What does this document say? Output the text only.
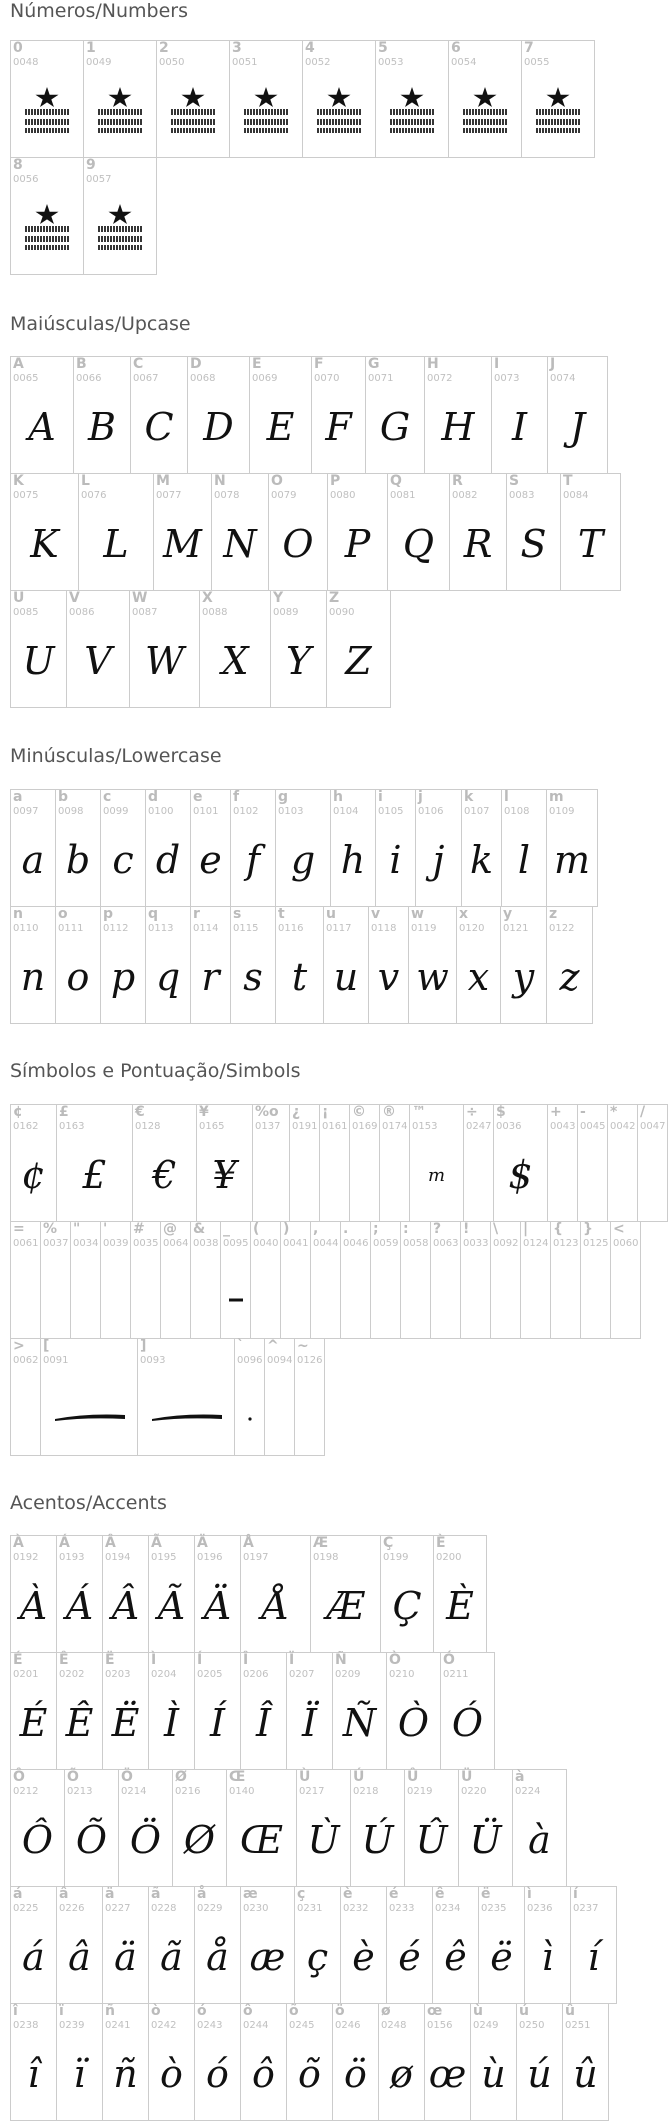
Números/Numbers
0
0048
1
0049
2
0050
3
0051
4
0052
5
0053
6
0054
7
0055
8
0056
9
0057
Maiúsculas/Upcase
A
0065
A
B
0066
B
C
0067
C
D
0068
D
E
0069
E
F
0070
F
G
0071
G
H
0072
H
I
0073
I
J
0074
J
K
0075
K
L
0076
L
M
0077
M
N
0078
N
O
0079
O
P
0080
P
Q
0081
Q
R
0082
R
S
0083
S
T
0084
T
U
0085
U
V
0086
V
W
0087
W
X
0088
X
Y
0089
Y
Z
0090
Z
Minúsculas/Lowercase
a
0097
a
b
0098
b
c
0099
c
d
0100
d
e
0101
e
f
0102
f
g
0103
g
h
0104
h
i
0105
i
j
0106
j
k
0107
k
l
0108
l
m
0109
m
n
0110
n
o
0111
o
p
0112
p
q
0113
q
r
0114
r
s
0115
s
t
0116
t
u
0117
u
v
0118
v
w
0119
w
x
0120
x
y
0121
y
z
0122
z
Símbolos e Pontuação/Simbols
¢
0162
¢
£
0163
£
€
0128
€
¥
0165
¥
%o
0137
¿
0191
¡
0161
©
0169
®
0174
™
0153
m
÷
0247
$
0036
$
+
0043
-
0045
*
0042
/
0047
=
0061
%
0037
"
0034
'
0039
#
0035
@
0064
&
0038
_
0095
(
0040
)
0041
,
0044
.
0046
;
0059
:
0058
?
0063
!
0033
\
0092
|
0124
{
0123
}
0125
<
0060
>
0062
[
0091
]
0093
`
0096
^
0094
~
0126
Acentos/Accents
À
0192
À
Á
0193
Á
Â
0194
Â
Ã
0195
Ã
Ä
0196
Ä
Å
0197
Å
Æ
0198
Æ
Ç
0199
Ç
È
0200
È
É
0201
É
Ê
0202
Ê
Ë
0203
Ë
Ì
0204
Ì
Í
0205
Í
Î
0206
Î
Ï
0207
Ï
Ñ
0209
Ñ
Ò
0210
Ò
Ó
0211
Ó
Ô
0212
Ô
Õ
0213
Õ
Ö
0214
Ö
Ø
0216
Ø
Œ
0140
Œ
Ù
0217
Ù
Ú
0218
Ú
Û
0219
Û
Ü
0220
Ü
à
0224
à
á
0225
á
â
0226
â
ä
0227
ä
ã
0228
ã
å
0229
å
æ
0230
æ
ç
0231
ç
è
0232
è
é
0233
é
ê
0234
ê
ë
0235
ë
ì
0236
ì
í
0237
í
î
0238
î
ï
0239
ï
ñ
0241
ñ
ò
0242
ò
ó
0243
ó
ô
0244
ô
õ
0245
õ
ö
0246
ö
ø
0248
ø
œ
0156
œ
ù
0249
ù
ú
0250
ú
û
0251
û
